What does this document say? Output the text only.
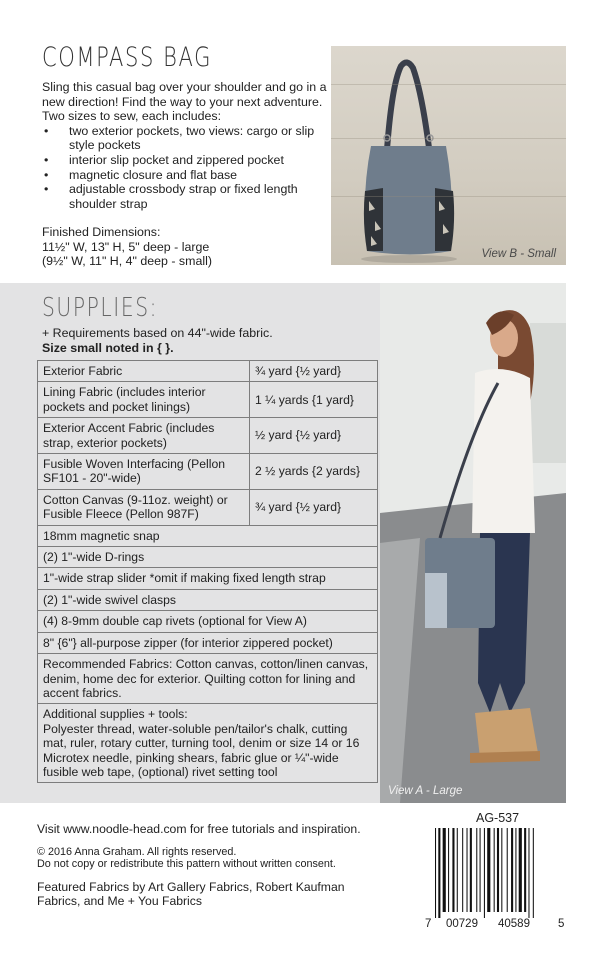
COMPASS BAG

Sling this casual bag over your shoulder and go in a new direction! Find the way to your next adventure. Two sizes to sew, each includes:

• two exterior pockets, two views: cargo or slip style pockets
• interior slip pocket and zippered pocket
• magnetic closure and flat base
• adjustable crossbody strap or fixed length shoulder strap
Finished Dimensions:
11½" W, 13" H, 5" deep - large
(9½" W, 11" H, 4" deep - small)
View B - Small
SUPPLIES:
+ Requirements based on 44"-wide fabric.
Size small noted in { }.
Exterior Fabric	¾ yard {½ yard}
Lining Fabric (includes interior pockets and pocket linings)	1 ¼ yards {1 yard}
Exterior Accent Fabric (includes strap, exterior pockets)	½ yard {½ yard}
Fusible Woven Interfacing (Pellon SF101 - 20"-wide)	2 ½ yards {2 yards}
Cotton Canvas (9-11oz. weight) or Fusible Fleece (Pellon 987F)	¾ yard {½ yard}
18mm magnetic snap	
(2) 1"-wide D-rings	
1"-wide strap slider *omit if making fixed length strap	
(2) 1"-wide swivel clasps	
(4) 8-9mm double cap rivets (optional for View A)	
8" {6"} all-purpose zipper (for interior zippered pocket)	
Recommended Fabrics: Cotton canvas, cotton/linen canvas, denim, home dec for exterior. Quilting cotton for lining and accent fabrics.	
Additional supplies + tools:
Polyester thread, water-soluble pen/tailor's chalk, cutting mat, ruler, rotary cutter, turning tool, denim or size 14 or 16 Microtex needle, pinking shears, fabric glue or ¼"-wide fusible web tape, (optional) rivet setting tool	
View A - Large
Visit www.noodle-head.com for free tutorials and inspiration.
© 2016 Anna Graham. All rights reserved.
Do not copy or redistribute this pattern without written consent.
Featured Fabrics by Art Gallery Fabrics, Robert Kaufman Fabrics, and Me + You Fabrics
AG-537
7 00729 40589 5
